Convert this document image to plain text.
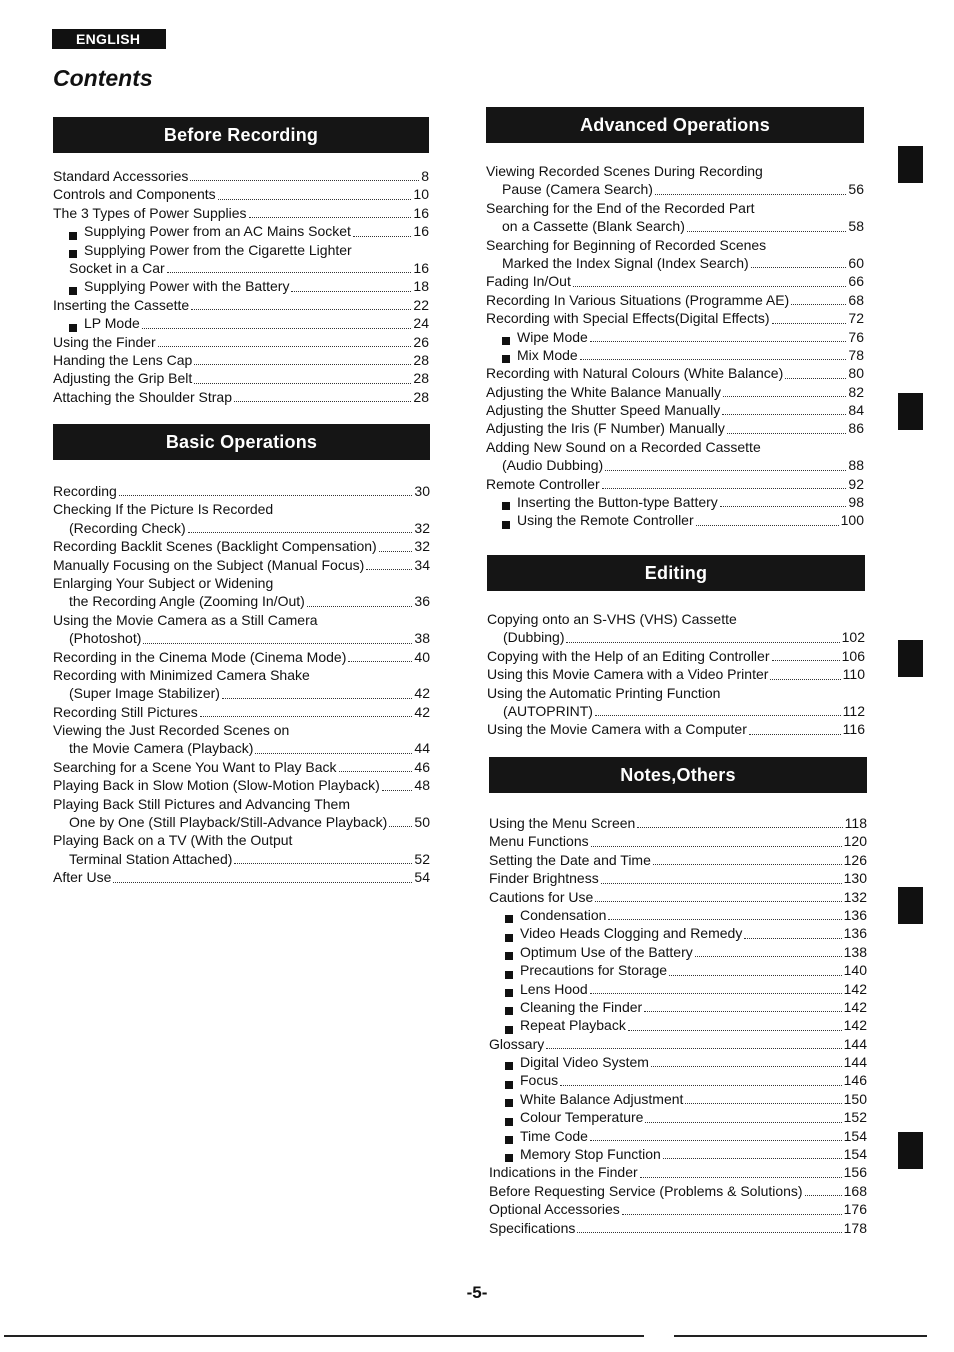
ENGLISH
Contents
Before Recording
Standard Accessories	8
Controls and Components	10
The 3 Types of Power Supplies	16
Supplying Power from an AC Mains Socket	16
Supplying Power from the Cigarette Lighter
Socket in a Car	16
Supplying Power with the Battery	18
Inserting the Cassette	22
LP Mode	24
Using the Finder	26
Handing the Lens Cap	28
Adjusting the Grip Belt	28
Attaching the Shoulder Strap	28
Basic Operations
Recording	30
Checking If the Picture Is Recorded
(Recording Check)	32
Recording Backlit Scenes (Backlight Compensation)	32
Manually Focusing on the Subject (Manual Focus)	34
Enlarging Your Subject or Widening
the Recording Angle (Zooming In/Out)	36
Using the Movie Camera as a Still Camera
(Photoshot)	38
Recording in the Cinema Mode (Cinema Mode)	40
Recording with Minimized Camera Shake
(Super Image Stabilizer)	42
Recording Still Pictures	42
Viewing the Just Recorded Scenes on
the Movie Camera (Playback)	44
Searching for a Scene You Want to Play Back	46
Playing Back in Slow Motion (Slow-Motion Playback) 48
Playing Back Still Pictures and Advancing Them
One by One (Still Playback/Still-Advance Playback) 50
Playing Back on a TV (With the Output
Terminal Station Attached)	52
After Use	54
Advanced Operations
Viewing Recorded Scenes During Recording
Pause (Camera Search)	56
Searching for the End of the Recorded Part
on a Cassette (Blank Search)	58
Searching for Beginning of Recorded Scenes
Marked the Index Signal (Index Search)	60
Fading In/Out	66
Recording In Various Situations (Programme AE)	68
Recording with Special Effects(Digital Effects)	72
Wipe Mode	76
Mix Mode	78
Recording with Natural Colours (White Balance)	80
Adjusting the White Balance Manually	82
Adjusting the Shutter Speed Manually	84
Adjusting the Iris (F Number) Manually	86
Adding New Sound on a Recorded Cassette
(Audio Dubbing)	88
Remote Controller	92
Inserting the Button-type Battery	98
Using the Remote Controller	100
Editing
Copying onto an S-VHS (VHS) Cassette
(Dubbing)	102
Copying with the Help of an Editing Controller	106
Using this Movie Camera with a Video Printer	110
Using the Automatic Printing Function
(AUTOPRINT)	112
Using the Movie Camera with a Computer	116
Notes,Others
Using the Menu Screen	118
Menu Functions	120
Setting the Date and Time	126
Finder Brightness	130
Cautions for Use	132
Condensation	136
Video Heads Clogging and Remedy	136
Optimum Use of the Battery	138
Precautions for Storage	140
Lens Hood	142
Cleaning the Finder	142
Repeat Playback	142
Glossary	144
Digital Video System	144
Focus	146
White Balance Adjustment	150
Colour Temperature	152
Time Code	154
Memory Stop Function	154
Indications in the Finder	156
Before Requesting Service (Problems & Solutions)	168
Optional Accessories	176
Specifications	178
-5-
